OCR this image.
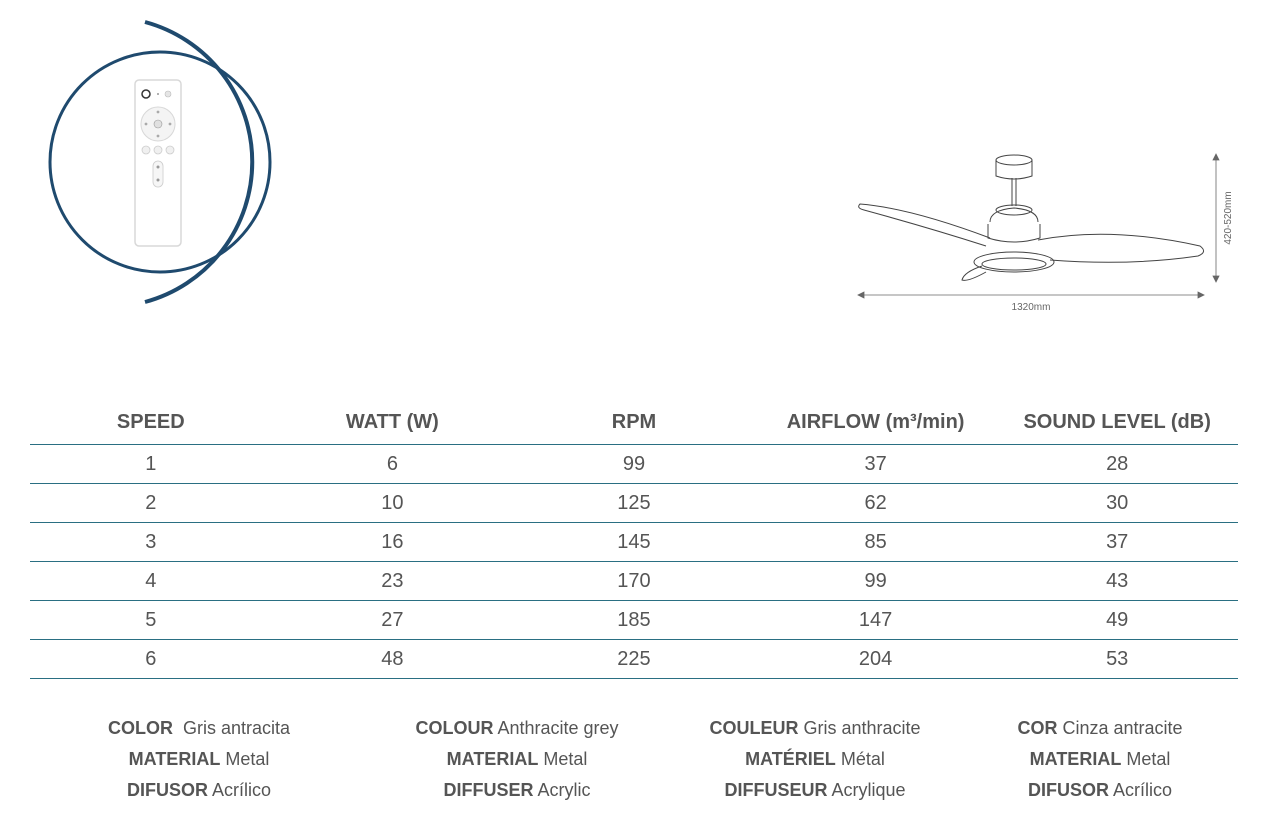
1320mm
420-520mm
SPEED	WATT (W)	RPM	AIRFLOW (m³/min)	SOUND LEVEL (dB)
1	6	99	37	28
2	10	125	62	30
3	16	145	85	37
4	23	170	99	43
5	27	185	147	49
6	48	225	204	53
COLOR Gris antracita
MATERIAL Metal
DIFUSOR Acrílico
COLOUR Anthracite grey
MATERIAL Metal
DIFFUSER Acrylic
COULEUR Gris anthracite
MATÉRIEL Métal
DIFFUSEUR Acrylique
COR Cinza antracite
MATERIAL Metal
DIFUSOR Acrílico
